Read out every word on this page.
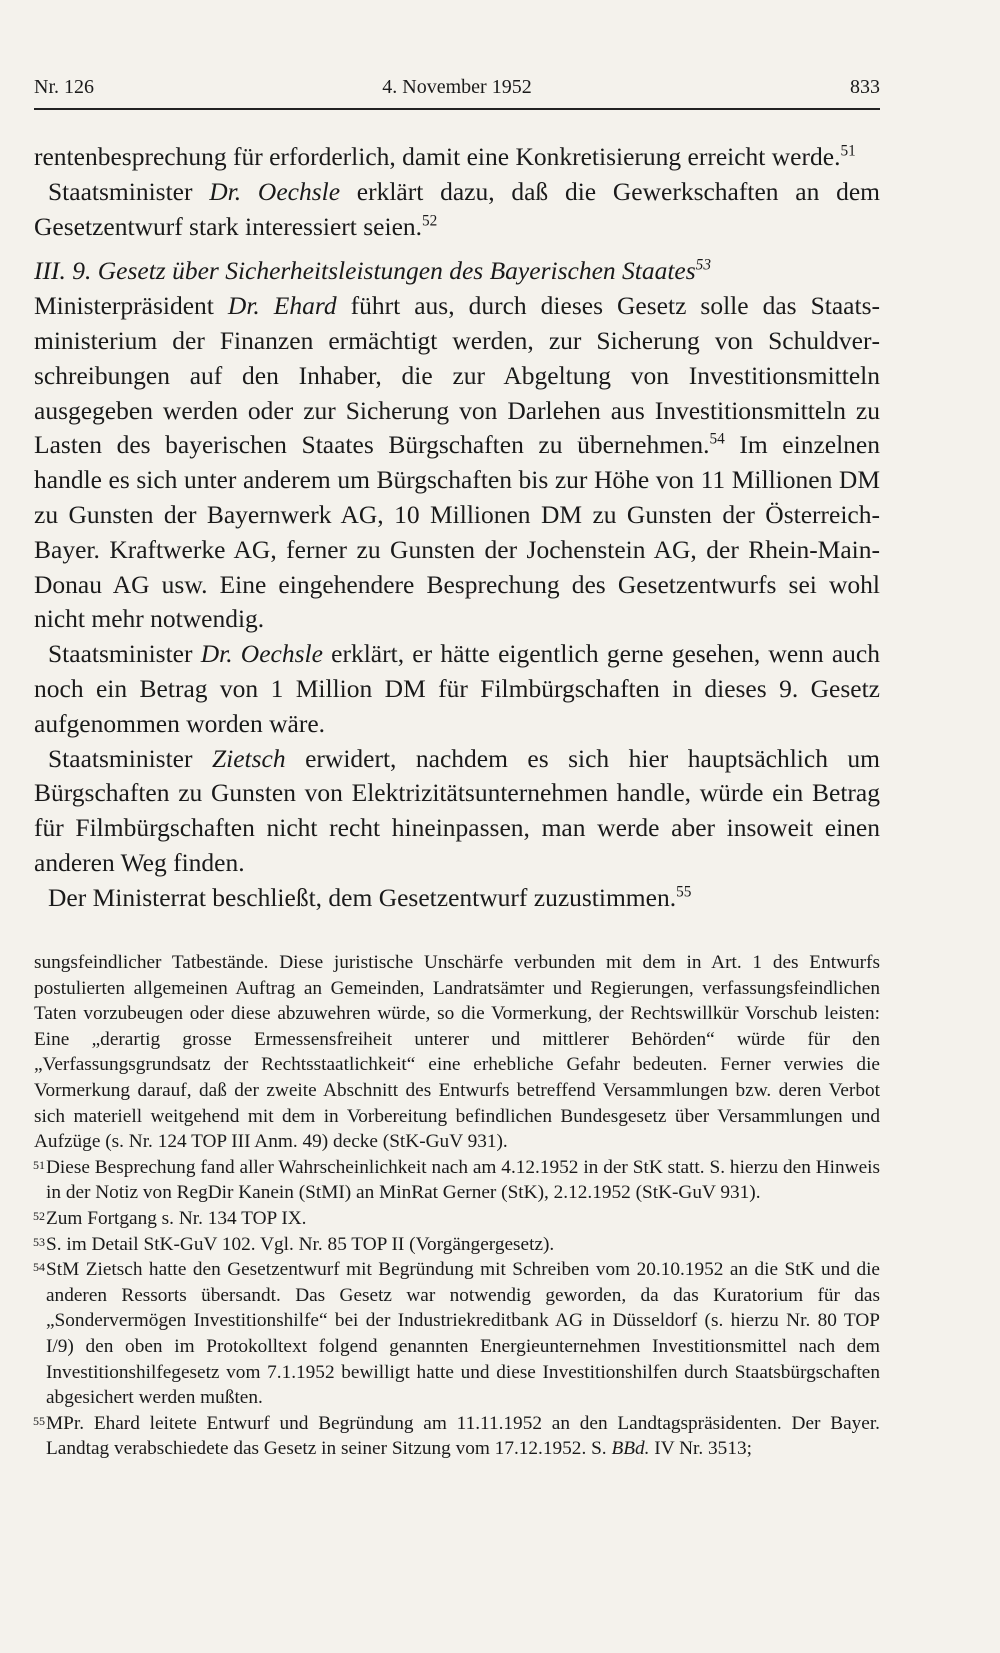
Nr. 126	4. November 1952	833

rentenbesprechung für erforderlich, damit eine Konkretisierung erreicht werde.$^{51}$

Staatsminister Dr. Oechsle erklärt dazu, daß die Gewerkschaften an dem Gesetzentwurf stark interessiert seien.$^{52}$

III. 9. Gesetz über Sicherheitsleistungen des Bayerischen Staates$^{53}$

Ministerpräsident Dr. Ehard führt aus, durch dieses Gesetz solle das Staatsministerium der Finanzen ermächtigt werden, zur Sicherung von Schuldverschreibungen auf den Inhaber, die zur Abgeltung von Investitionsmitteln ausgegeben werden oder zur Sicherung von Darlehen aus Investitionsmitteln zu Lasten des bayerischen Staates Bürgschaften zu übernehmen.$^{54}$ Im einzelnen handle es sich unter anderem um Bürgschaften bis zur Höhe von 11 Millionen DM zu Gunsten der Bayernwerk AG, 10 Millionen DM zu Gunsten der Österreich-Bayer. Kraftwerke AG, ferner zu Gunsten der Jochenstein AG, der Rhein-Main-Donau AG usw. Eine eingehendere Besprechung des Gesetzentwurfs sei wohl nicht mehr notwendig.

Staatsminister Dr. Oechsle erklärt, er hätte eigentlich gerne gesehen, wenn auch noch ein Betrag von 1 Million DM für Filmbürgschaften in dieses 9. Gesetz aufgenommen worden wäre.

Staatsminister Zietsch erwidert, nachdem es sich hier hauptsächlich um Bürgschaften zu Gunsten von Elektrizitätsunternehmen handle, würde ein Betrag für Filmbürgschaften nicht recht hineinpassen, man werde aber insoweit einen anderen Weg finden.

Der Ministerrat beschließt, dem Gesetzentwurf zuzustimmen.$^{55}$

sungsfeindlicher Tatbestände. Diese juristische Unschärfe verbunden mit dem in Art. 1 des Entwurfs postulierten allgemeinen Auftrag an Gemeinden, Landratsämter und Regierungen, verfassungsfeindlichen Taten vorzubeugen oder diese abzuwehren würde, so die Vormerkung, der Rechtswillkür Vorschub leisten: Eine „derartig grosse Ermessensfreiheit unterer und mittlerer Behörden“ würde für den „Verfassungsgrundsatz der Rechtsstaatlichkeit“ eine erhebliche Gefahr bedeuten. Ferner verwies die Vormerkung darauf, daß der zweite Abschnitt des Entwurfs betreffend Versammlungen bzw. deren Verbot sich materiell weitgehend mit dem in Vorbereitung befindlichen Bundesgesetz über Versammlungen und Aufzüge (s. Nr. 124 TOP III Anm. 49) decke (StK-GuV 931).

51 Diese Besprechung fand aller Wahrscheinlichkeit nach am 4.12.1952 in der StK statt. S. hierzu den Hinweis in der Notiz von RegDir Kanein (StMI) an MinRat Gerner (StK), 2.12.1952 (StK-GuV 931).

52 Zum Fortgang s. Nr. 134 TOP IX.

53 S. im Detail StK-GuV 102. Vgl. Nr. 85 TOP II (Vorgängergesetz).

54 StM Zietsch hatte den Gesetzentwurf mit Begründung mit Schreiben vom 20.10.1952 an die StK und die anderen Ressorts übersandt. Das Gesetz war notwendig geworden, da das Kuratorium für das „Sondervermögen Investitionshilfe“ bei der Industriekreditbank AG in Düsseldorf (s. hierzu Nr. 80 TOP I/9) den oben im Protokolltext folgend genannten Energieunternehmen Investitionsmittel nach dem Investitionshilfegesetz vom 7.1.1952 bewilligt hatte und diese Investitionshilfen durch Staatsbürgschaften abgesichert werden mußten.

55 MPr. Ehard leitete Entwurf und Begründung am 11.11.1952 an den Landtagspräsidenten. Der Bayer. Landtag verabschiedete das Gesetz in seiner Sitzung vom 17.12.1952. S. BBd. IV Nr. 3513;
